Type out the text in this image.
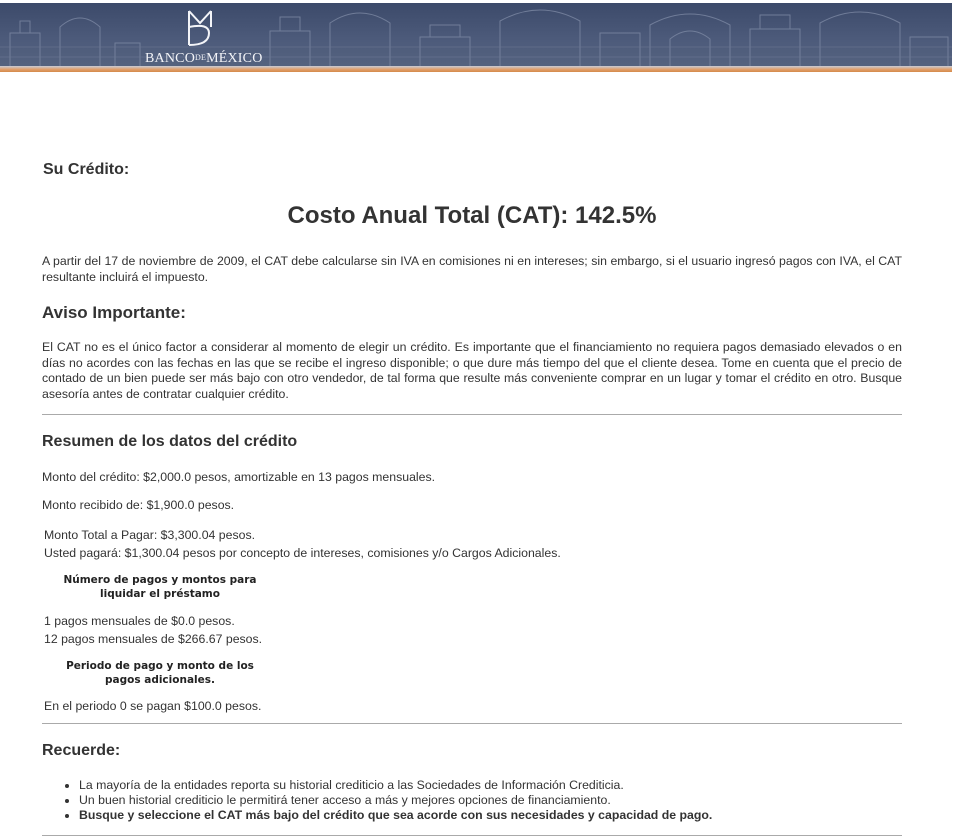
BANCODEMÉXICO
Su Crédito:
Costo Anual Total (CAT): 142.5%
A partir del 17 de noviembre de 2009, el CAT debe calcularse sin IVA en comisiones ni en intereses; sin embargo, si el usuario ingresó pagos con IVA, el CAT resultante incluirá el impuesto.
Aviso Importante:
El CAT no es el único factor a considerar al momento de elegir un crédito. Es importante que el financiamiento no requiera pagos demasiado elevados o en días no acordes con las fechas en las que se recibe el ingreso disponible; o que dure más tiempo del que el cliente desea. Tome en cuenta que el precio de contado de un bien puede ser más bajo con otro vendedor, de tal forma que resulte más conveniente comprar en un lugar y tomar el crédito en otro. Busque asesoría antes de contratar cualquier crédito.
Resumen de los datos del crédito
Monto del crédito: $2,000.0 pesos, amortizable en 13 pagos mensuales.
Monto recibido de: $1,900.0 pesos.
Monto Total a Pagar: $3,300.04 pesos.
Usted pagará: $1,300.04 pesos por concepto de intereses, comisiones y/o Cargos Adicionales.
Número de pagos y montos para liquidar el préstamo
1 pagos mensuales de $0.0 pesos.
12 pagos mensuales de $266.67 pesos.
Periodo de pago y monto de los pagos adicionales.
En el periodo 0 se pagan $100.0 pesos.
Recuerde:
• La mayoría de la entidades reporta su historial crediticio a las Sociedades de Información Crediticia.
• Un buen historial crediticio le permitirá tener acceso a más y mejores opciones de financiamiento.
• Busque y seleccione el CAT más bajo del crédito que sea acorde con sus necesidades y capacidad de pago.
